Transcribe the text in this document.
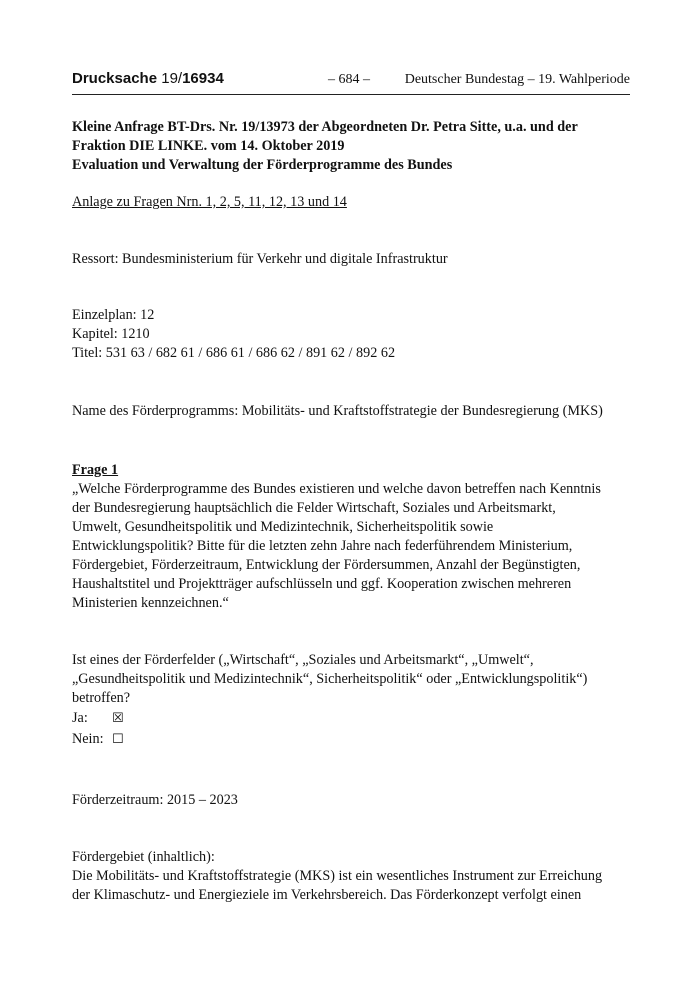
Drucksache 19/16934	– 684 – Deutscher Bundestag – 19. Wahlperiode
Kleine Anfrage BT-Drs. Nr. 19/13973 der Abgeordneten Dr. Petra Sitte, u.a. und der
Fraktion DIE LINKE. vom 14. Oktober 2019
Evaluation und Verwaltung der Förderprogramme des Bundes
Anlage zu Fragen Nrn. 1, 2, 5, 11, 12, 13 und 14
Ressort: Bundesministerium für Verkehr und digitale Infrastruktur
Einzelplan: 12
Kapitel: 1210
Titel: 531 63 / 682 61 / 686 61 / 686 62 / 891 62 / 892 62
Name des Förderprogramms: Mobilitäts- und Kraftstoffstrategie der Bundesregierung (MKS)
Frage 1
„Welche Förderprogramme des Bundes existieren und welche davon betreffen nach Kenntnis
der Bundesregierung hauptsächlich die Felder Wirtschaft, Soziales und Arbeitsmarkt,
Umwelt, Gesundheitspolitik und Medizintechnik, Sicherheitspolitik sowie
Entwicklungspolitik? Bitte für die letzten zehn Jahre nach federführendem Ministerium,
Fördergebiet, Förderzeitraum, Entwicklung der Fördersummen, Anzahl der Begünstigten,
Haushaltstitel und Projektträger aufschlüsseln und ggf. Kooperation zwischen mehreren
Ministerien kennzeichnen.“
Ist eines der Förderfelder („Wirtschaft“, „Soziales und Arbeitsmarkt“, „Umwelt“,
„Gesundheitspolitik und Medizintechnik“, Sicherheitspolitik“ oder „Entwicklungspolitik“)
betroffen?
Ja: ☒
Nein: ☐
Förderzeitraum: 2015 – 2023
Fördergebiet (inhaltlich):
Die Mobilitäts- und Kraftstoffstrategie (MKS) ist ein wesentliches Instrument zur Erreichung
der Klimaschutz- und Energieziele im Verkehrsbereich. Das Förderkonzept verfolgt einen
